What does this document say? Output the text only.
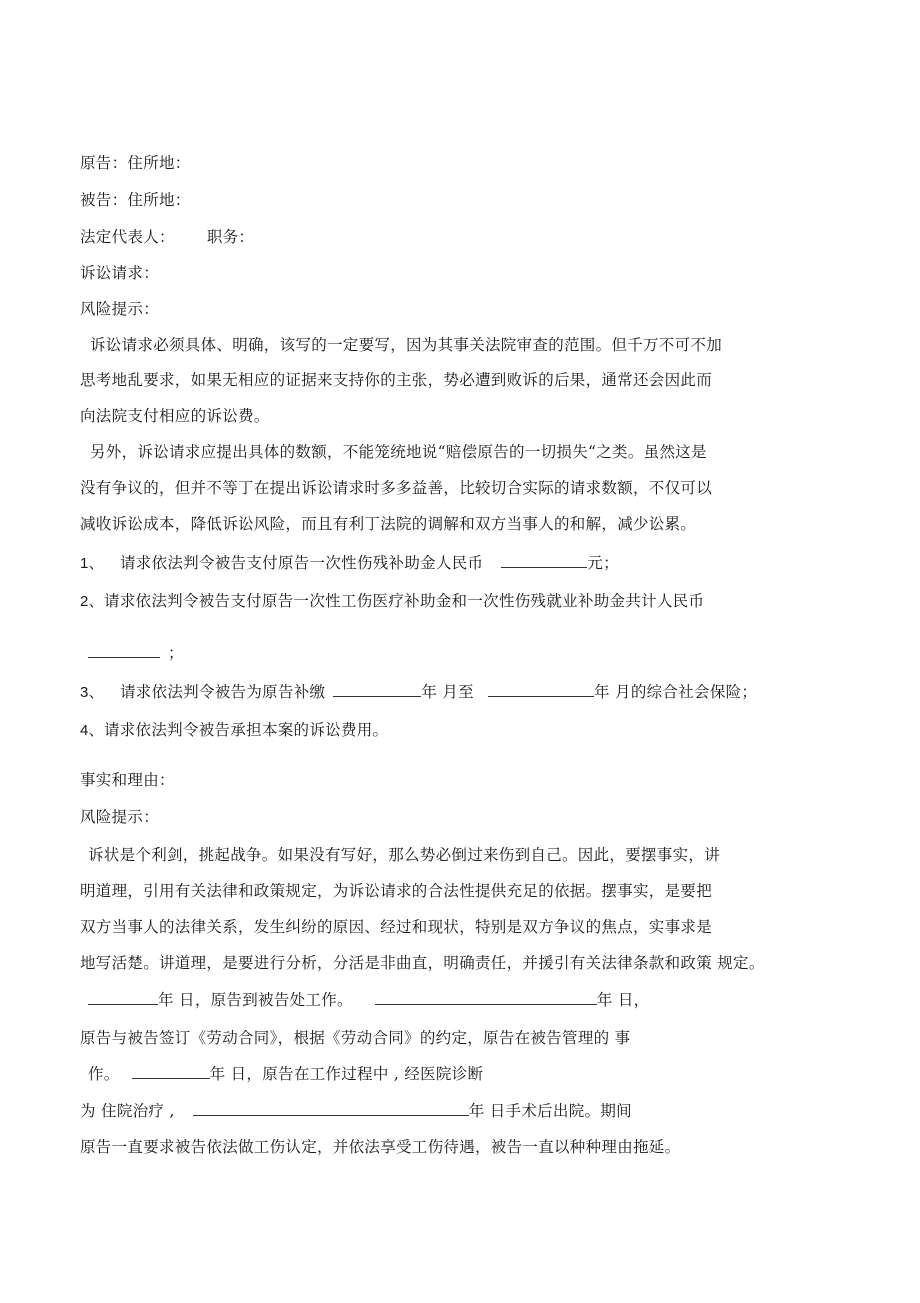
原告：住所地：
被告：住所地：
法定代表人： 职务：
诉讼请求：
风险提示：
诉讼请求必须具体、明确，该写的一定要写，因为其事关法院审查的范围。但千万不可不加
思考地乱要求，如果无相应的证据来支持你的主张，势必遭到败诉的后果，通常还会因此而
向法院支付相应的诉讼费。
另外，诉讼请求应提出具体的数额，不能笼统地说“赔偿原告的一切损失“之类。虽然这是
没有争议的，但并不等丁在提出诉讼请求时多多益善，比较切合实际的请求数额，不仅可以
减收诉讼成本，降低诉讼风险，而且有利丁法院的调解和双方当事人的和解，减少讼累。
1、 请求依法判令被告支付原告一次性伤残补助金人民币	元；
2、请求依法判令被告支付原告一次性工伤医疗补助金和一次性伤残就业补助金共计人民币
；
3、 请求依法判令被告为原告补缴	年 月至	年 月的综合社会保险；
4、请求依法判令被告承担本案的诉讼费用。
事实和理由：
风险提示：
诉状是个利剑，挑起战争。如果没有写好，那么势必倒过来伤到自己。因此，要摆事实，讲
明道理，引用有关法律和政策规定，为诉讼请求的合法性提供充足的依据。摆事实，是要把
双方当事人的法律关系，发生纠纷的原因、经过和现状，特别是双方争议的焦点，实事求是
地写活楚。讲道理，是要进行分析，分活是非曲直，明确责任，并援引有关法律条款和政策 规定。
年 日，原告到被告处工作。	年 日，
原告与被告签订《劳动合同》，根据《劳动合同》的约定，原告在被告管理的 事
作。	年 日，原告在工作过程中 , 经医院诊断
为 住院治疗 ,	年 日手术后出院。期间
原告一直要求被告依法做工伤认定，并依法享受工伤待遇，被告一直以种种理由拖延。
